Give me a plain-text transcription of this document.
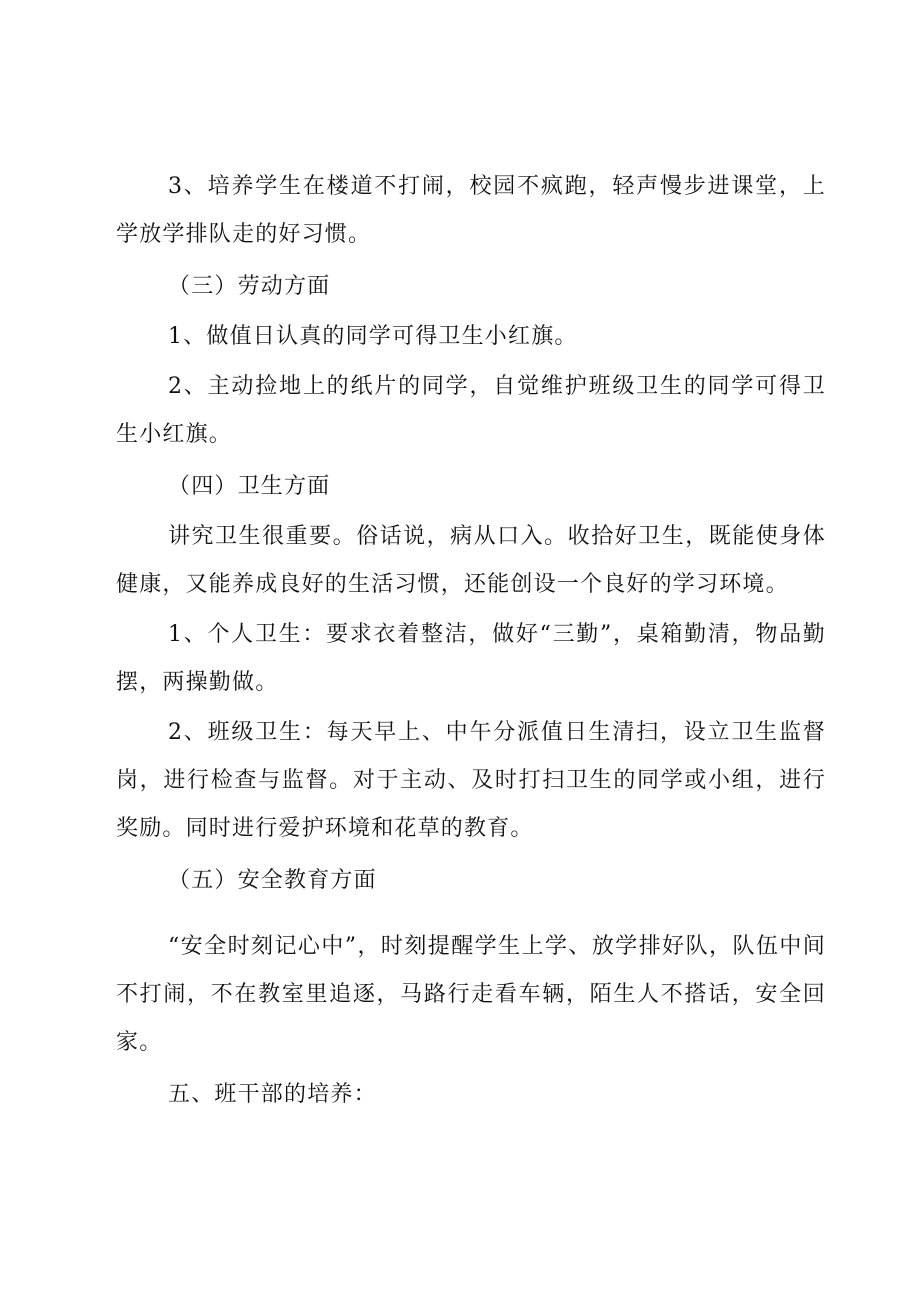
3、培养学生在楼道不打闹，校园不疯跑，轻声慢步进课堂，上学放学排队走的好习惯。

（三）劳动方面

1、做值日认真的同学可得卫生小红旗。

2、主动捡地上的纸片的同学，自觉维护班级卫生的同学可得卫生小红旗。

（四）卫生方面

讲究卫生很重要。俗话说，病从口入。收拾好卫生，既能使身体健康，又能养成良好的生活习惯，还能创设一个良好的学习环境。

1、个人卫生：要求衣着整洁，做好“三勤”，桌箱勤清，物品勤摆，两操勤做。

2、班级卫生：每天早上、中午分派值日生清扫，设立卫生监督岗，进行检查与监督。对于主动、及时打扫卫生的同学或小组，进行奖励。同时进行爱护环境和花草的教育。

（五）安全教育方面

“安全时刻记心中”，时刻提醒学生上学、放学排好队，队伍中间不打闹，不在教室里追逐，马路行走看车辆，陌生人不搭话，安全回家。

五、班干部的培养：
